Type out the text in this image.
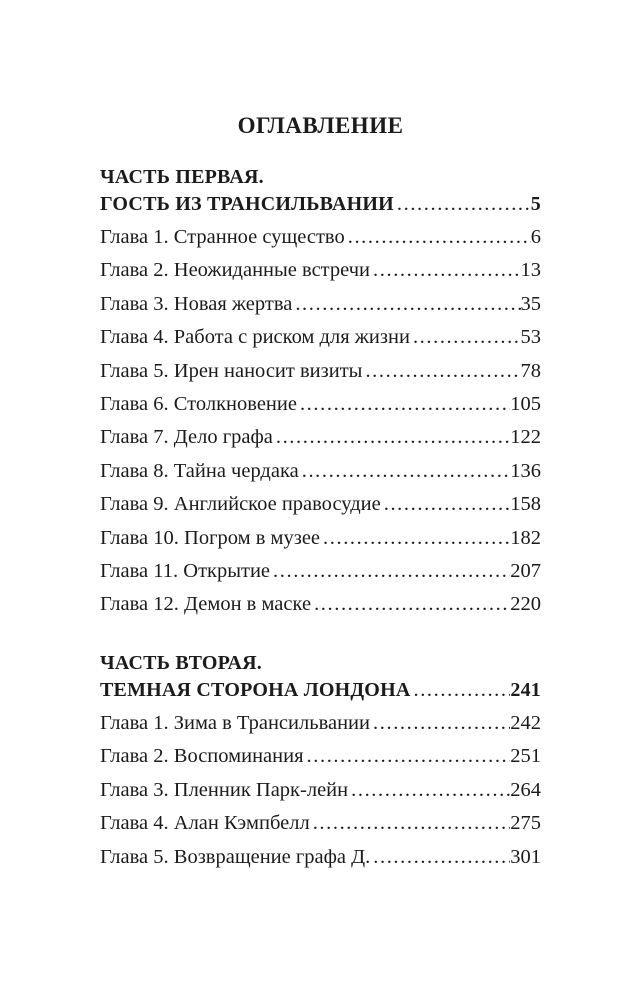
ОГЛАВЛЕНИЕ
ЧАСТЬ ПЕРВАЯ.
ГОСТЬ ИЗ ТРАНСИЛЬВАНИИ .....	5
Глава 1. Странное существо .....	6
Глава 2. Неожиданные встречи .....	13
Глава 3. Новая жертва .....	35
Глава 4. Работа с риском для жизни .....	53
Глава 5. Ирен наносит визиты .....	78
Глава 6. Столкновение .....	105
Глава 7. Дело графа .....	122
Глава 8. Тайна чердака .....	136
Глава 9. Английское правосудие .....	158
Глава 10. Погром в музее .....	182
Глава 11. Открытие .....	207
Глава 12. Демон в маске .....	220
ЧАСТЬ ВТОРАЯ.
ТЕМНАЯ СТОРОНА ЛОНДОНА .....	241
Глава 1. Зима в Трансильвании .....	242
Глава 2. Воспоминания .....	251
Глава 3. Пленник Парк-лейн .....	264
Глава 4. Алан Кэмпбелл .....	275
Глава 5. Возвращение графа Д. .....	301
